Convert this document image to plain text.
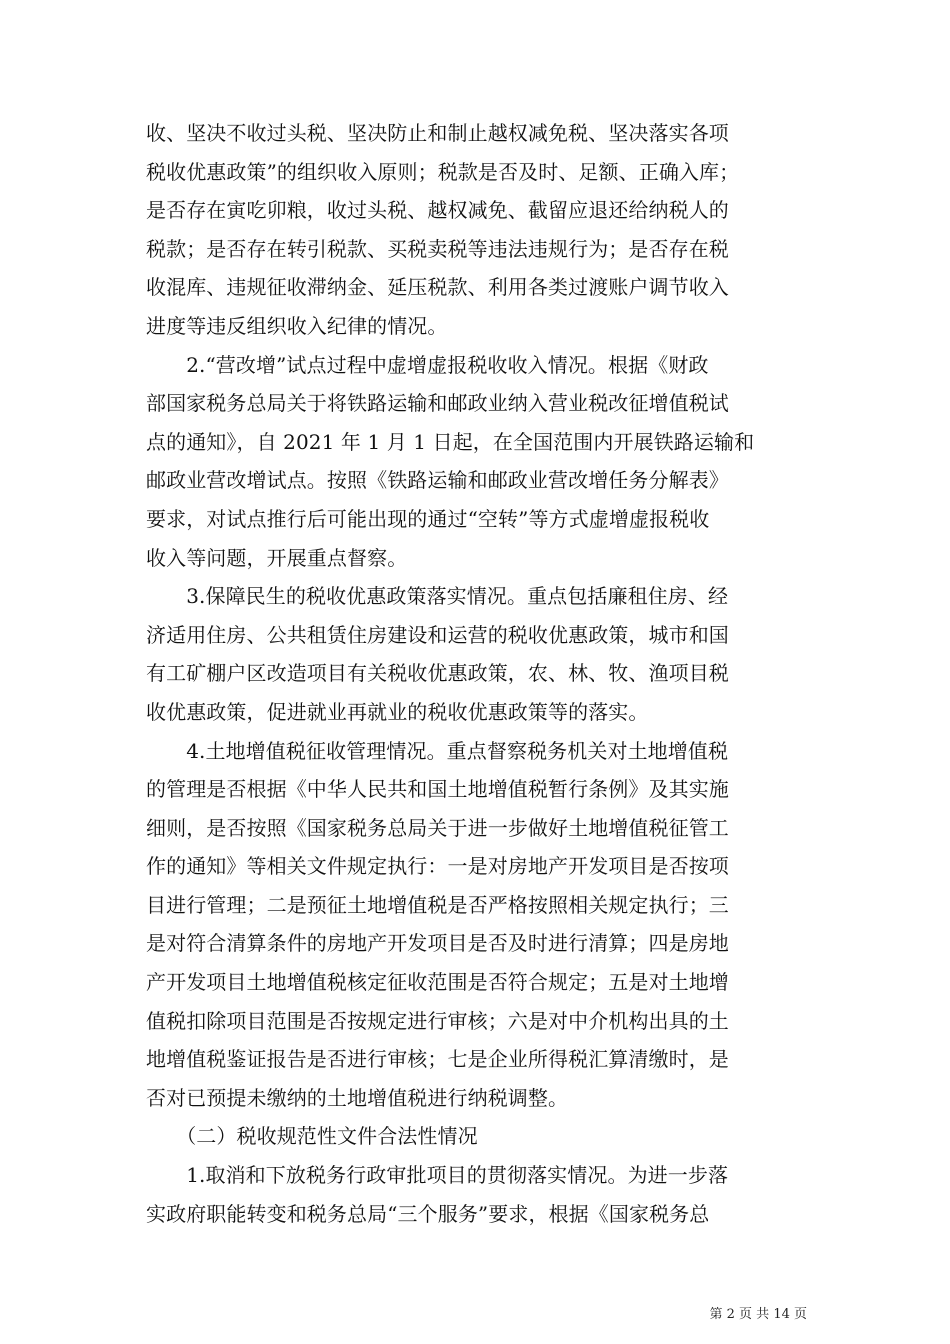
收、坚决不收过头税、坚决防止和制止越权减免税、坚决落实各项
税收优惠政策”的组织收入原则；税款是否及时、足额、正确入库；
是否存在寅吃卯粮，收过头税、越权减免、截留应退还给纳税人的
税款；是否存在转引税款、买税卖税等违法违规行为；是否存在税
收混库、违规征收滞纳金、延压税款、利用各类过渡账户调节收入
进度等违反组织收入纪律的情况。
　　2.“营改增”试点过程中虚增虚报税收收入情况。根据《财政
部国家税务总局关于将铁路运输和邮政业纳入营业税改征增值税试
点的通知》，自 2021 年 1 月 1 日起，在全国范围内开展铁路运输和
邮政业营改增试点。按照《铁路运输和邮政业营改增任务分解表》
要求，对试点推行后可能出现的通过“空转”等方式虚增虚报税收
收入等问题，开展重点督察。
　　3.保障民生的税收优惠政策落实情况。重点包括廉租住房、经
济适用住房、公共租赁住房建设和运营的税收优惠政策，城市和国
有工矿棚户区改造项目有关税收优惠政策，农、林、牧、渔项目税
收优惠政策，促进就业再就业的税收优惠政策等的落实。
　　4.土地增值税征收管理情况。重点督察税务机关对土地增值税
的管理是否根据《中华人民共和国土地增值税暂行条例》及其实施
细则，是否按照《国家税务总局关于进一步做好土地增值税征管工
作的通知》等相关文件规定执行：一是对房地产开发项目是否按项
目进行管理；二是预征土地增值税是否严格按照相关规定执行；三
是对符合清算条件的房地产开发项目是否及时进行清算；四是房地
产开发项目土地增值税核定征收范围是否符合规定；五是对土地增
值税扣除项目范围是否按规定进行审核；六是对中介机构出具的土
地增值税鉴证报告是否进行审核；七是企业所得税汇算清缴时，是
否对已预提未缴纳的土地增值税进行纳税调整。
　　（二）税收规范性文件合法性情况
　　1.取消和下放税务行政审批项目的贯彻落实情况。为进一步落
实政府职能转变和税务总局“三个服务”要求，根据《国家税务总
第 2 页 共 14 页
